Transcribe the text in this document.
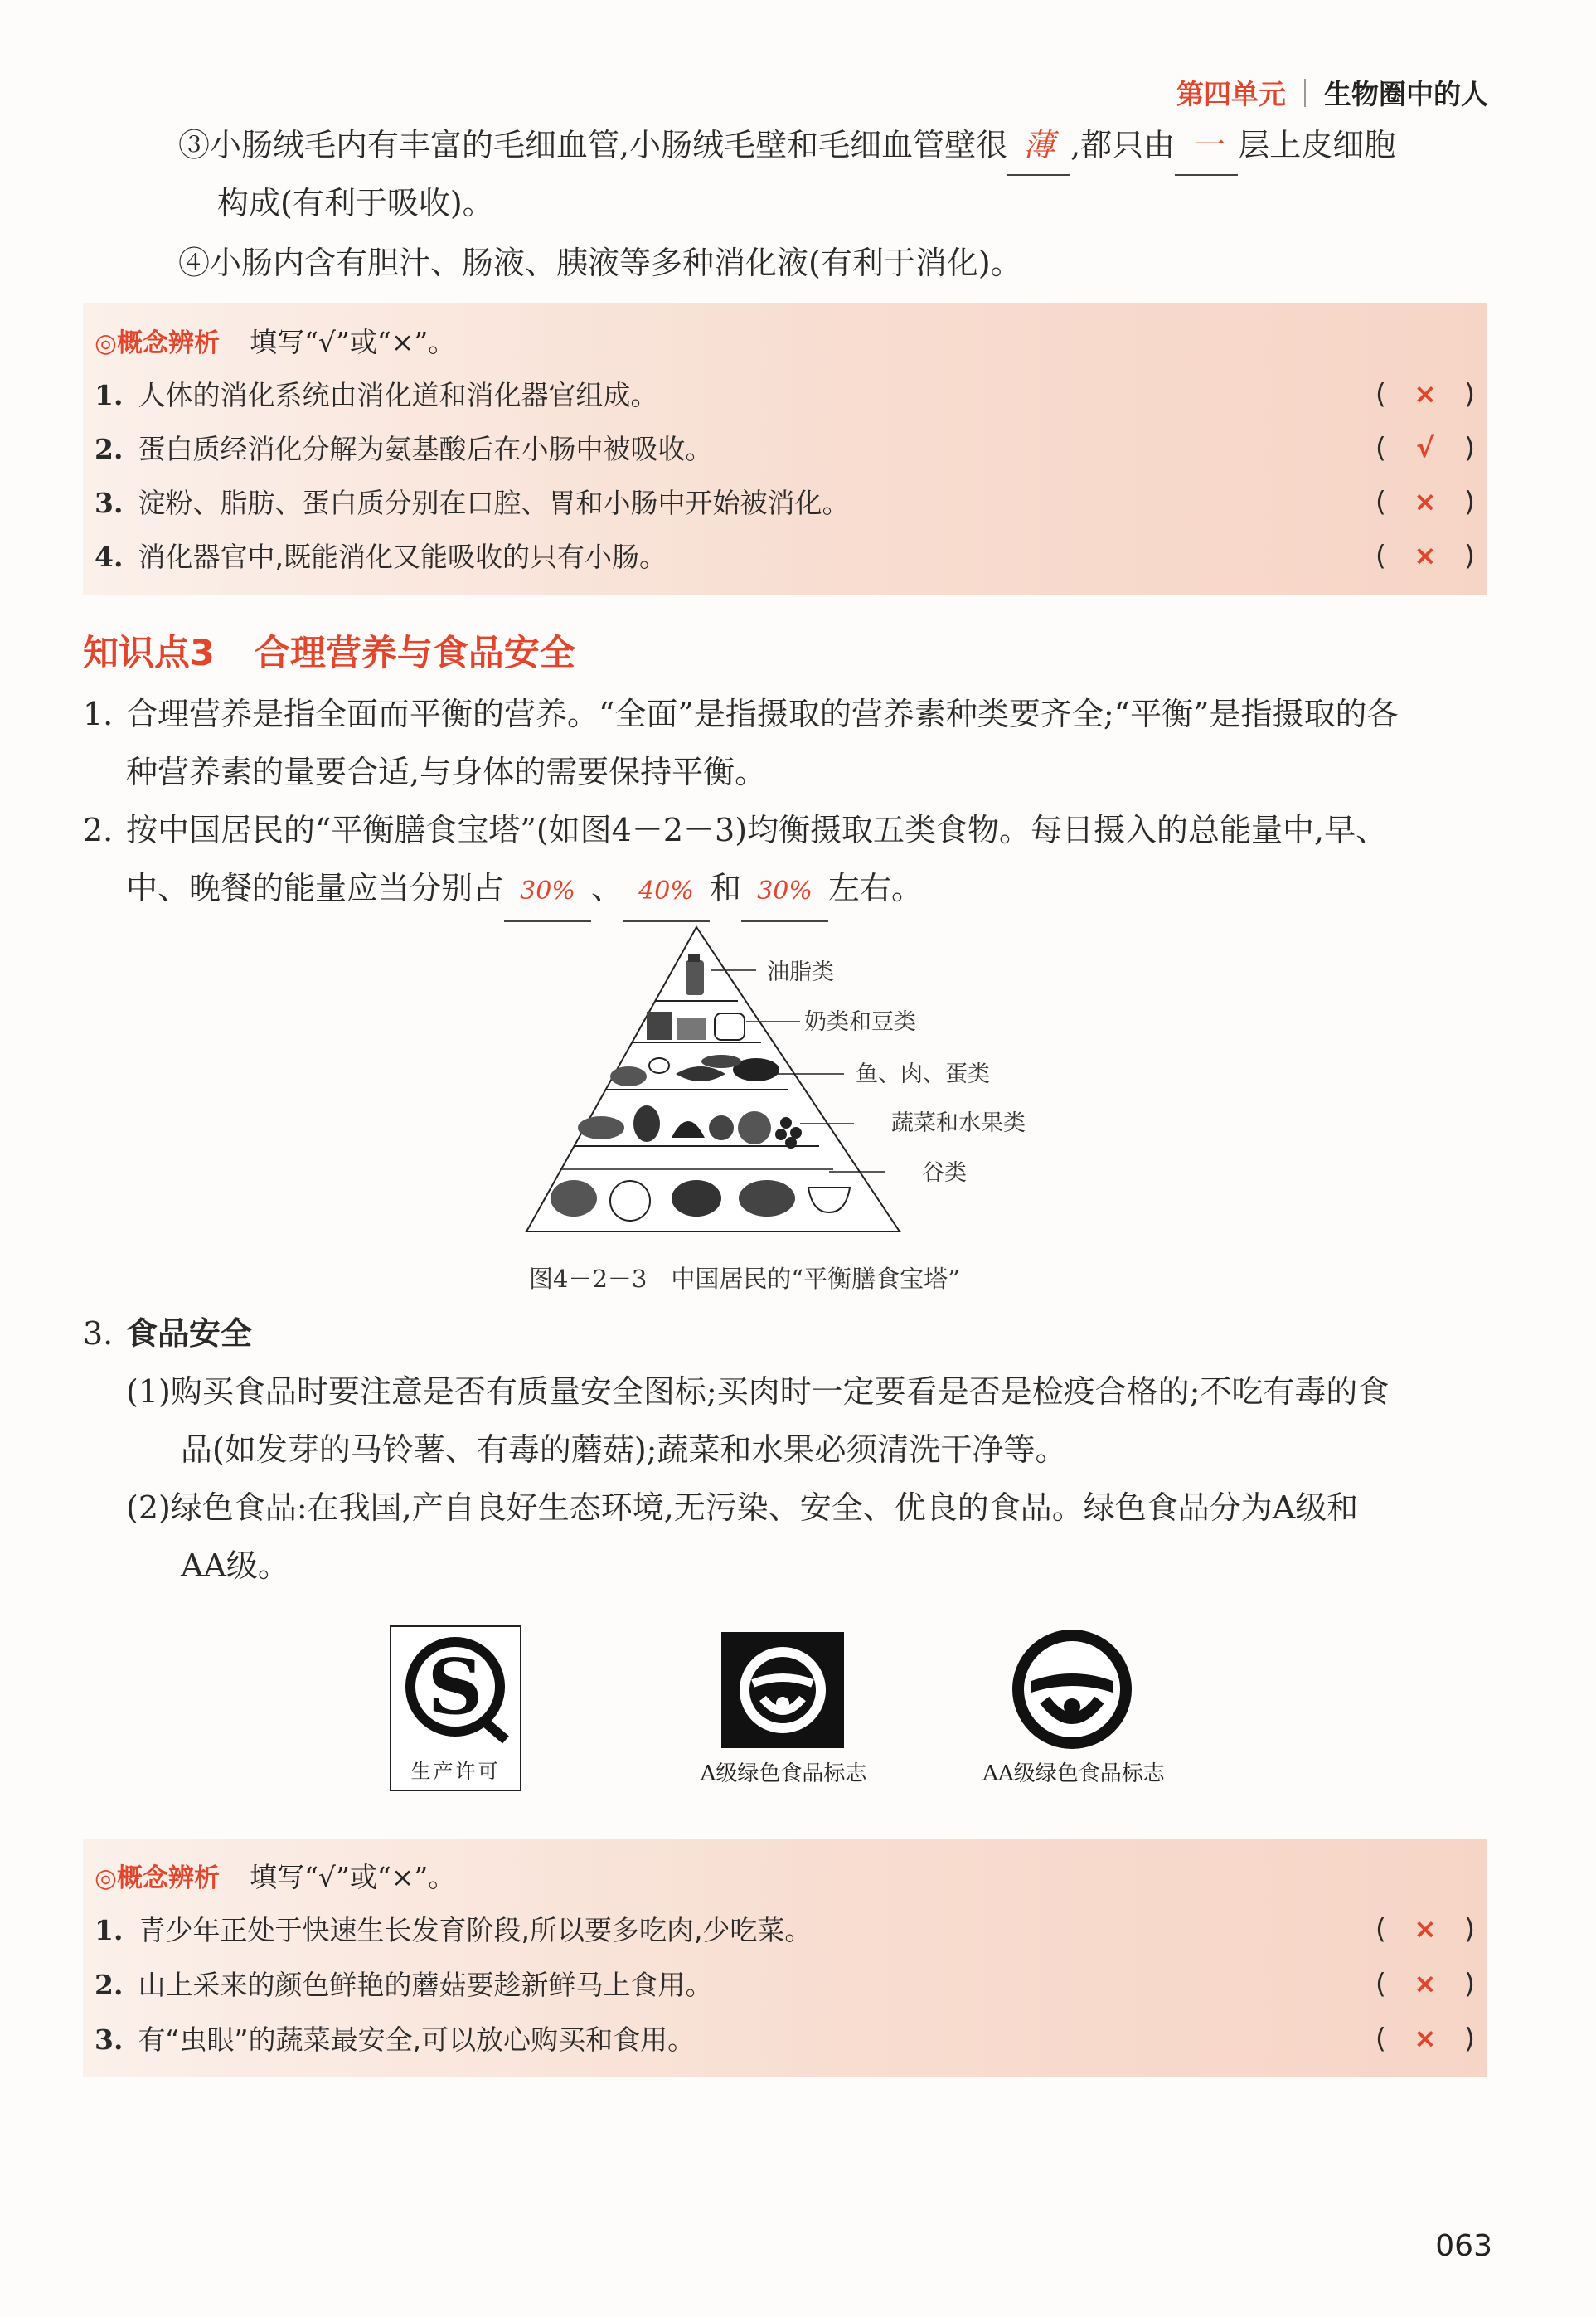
第四单元 生物圈中的人
③小肠绒毛内有丰富的毛细血管,小肠绒毛壁和毛细血管壁很 薄 ,都只由 一 层上皮细胞
构成(有利于吸收)。
④小肠内含有胆汁、肠液、胰液等多种消化液(有利于消化)。
◎概念辨析 填写“√”或“×”。
1. 人体的消化系统由消化道和消化器官组成。	( × )
2. 蛋白质经消化分解为氨基酸后在小肠中被吸收。	( √ )
3. 淀粉、脂肪、蛋白质分别在口腔、胃和小肠中开始被消化。	( × )
4. 消化器官中,既能消化又能吸收的只有小肠。	( × )
知识点3 合理营养与食品安全
1. 合理营养是指全面而平衡的营养。“全面”是指摄取的营养素种类要齐全;“平衡”是指摄取的各
种营养素的量要合适,与身体的需要保持平衡。
2. 按中国居民的“平衡膳食宝塔”(如图4－2－3)均衡摄取五类食物。每日摄入的总能量中,早、
中、晚餐的能量应当分别占 30% 、 40% 和 30% 左右。
油脂类
奶类和豆类
鱼、肉、蛋类
蔬菜和水果类
谷类
图4－2－3　中国居民的“平衡膳食宝塔”
3. 食品安全
(1)购买食品时要注意是否有质量安全图标;买肉时一定要看是否是检疫合格的;不吃有毒的食
品(如发芽的马铃薯、有毒的蘑菇);蔬菜和水果必须清洗干净等。
(2)绿色食品:在我国,产自良好生态环境,无污染、安全、优良的食品。绿色食品分为A级和
AA级。
S
生产许可	A级绿色食品标志	AA级绿色食品标志
◎概念辨析 填写“√”或“×”。
1. 青少年正处于快速生长发育阶段,所以要多吃肉,少吃菜。	( × )
2. 山上采来的颜色鲜艳的蘑菇要趁新鲜马上食用。	( × )
3. 有“虫眼”的蔬菜最安全,可以放心购买和食用。	( × )
063
